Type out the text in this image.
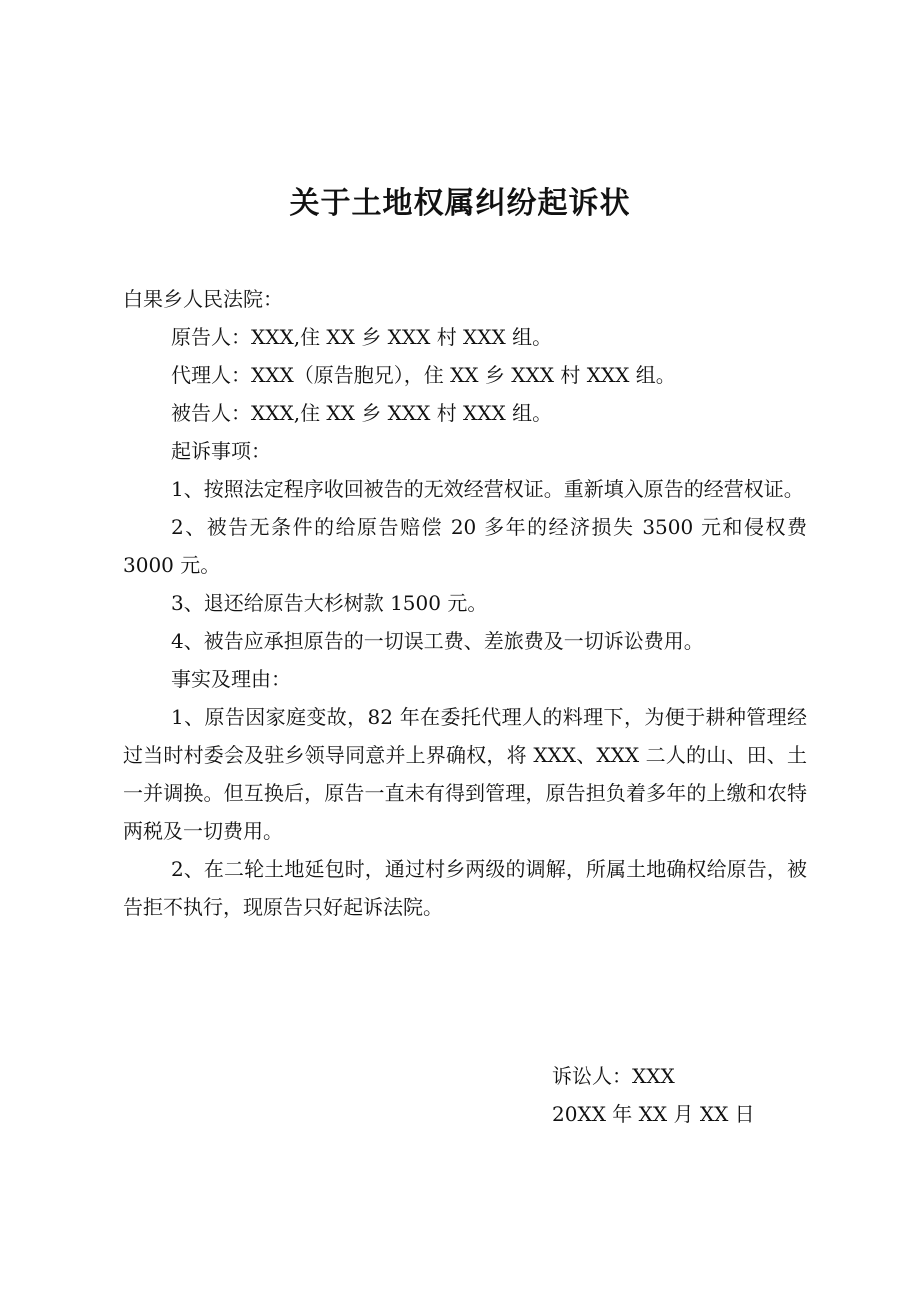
关于土地权属纠纷起诉状

白果乡人民法院：

原告人：XXX,住 XX 乡 XXX 村 XXX 组。

代理人：XXX（原告胞兄），住 XX 乡 XXX 村 XXX 组。

被告人：XXX,住 XX 乡 XXX 村 XXX 组。

起诉事项：

1、按照法定程序收回被告的无效经营权证。重新填入原告的经营权证。

2、被告无条件的给原告赔偿 20 多年的经济损失 3500 元和侵权费 3000 元。

3、退还给原告大杉树款 1500 元。

4、被告应承担原告的一切误工费、差旅费及一切诉讼费用。

事实及理由：

1、原告因家庭变故，82 年在委托代理人的料理下，为便于耕种管理经过当时村委会及驻乡领导同意并上界确权，将 XXX、XXX 二人的山、田、土一并调换。但互换后，原告一直未有得到管理，原告担负着多年的上缴和农特两税及一切费用。

2、在二轮土地延包时，通过村乡两级的调解，所属土地确权给原告，被告拒不执行，现原告只好起诉法院。

诉讼人：XXX

20XX 年 XX 月 XX 日
